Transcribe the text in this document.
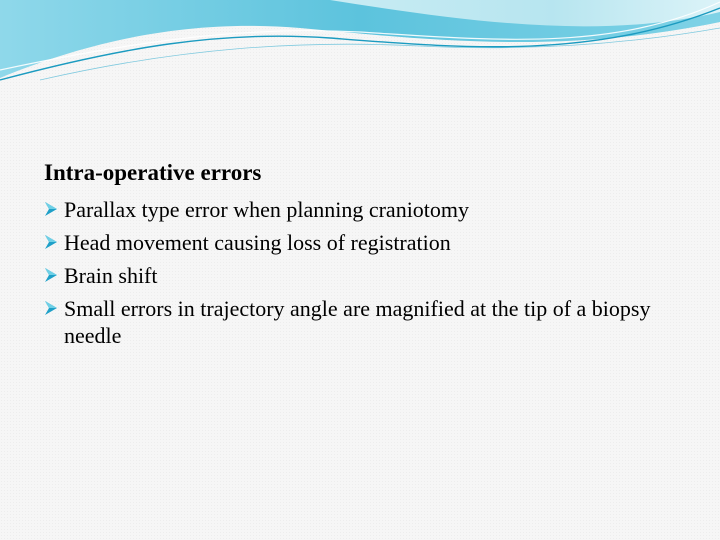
Intra-operative errors
Parallax type error when planning craniotomy
Head movement causing loss of registration
Brain shift
Small errors in trajectory angle are magnified at the tip of a biopsy needle
